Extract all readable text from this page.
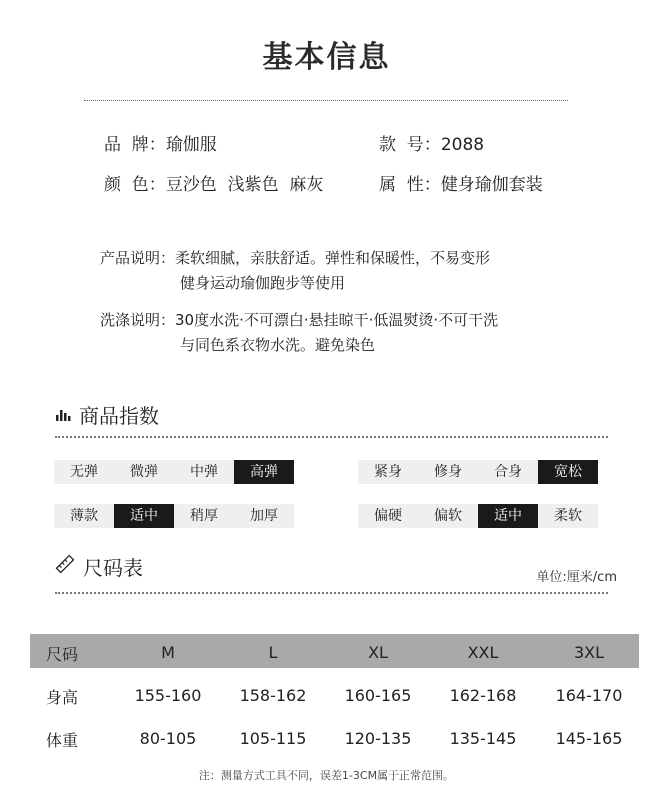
基本信息
品  牌：瑜伽服	款  号：2088
颜  色：豆沙色  浅紫色  麻灰	属  性：健身瑜伽套装
产品说明：柔软细腻，亲肤舒适。弹性和保暖性，不易变形
健身运动瑜伽跑步等使用
洗涤说明：30度水洗·不可漂白·悬挂晾干·低温熨烫·不可干洗
与同色系衣物水洗。避免染色
商品指数
无弹	微弹	中弹	高弹	紧身	修身	合身	宽松
薄款	适中	稍厚	加厚	偏硬	偏软	适中	柔软
尺码表	单位:厘米/cm
尺码	M	L	XL	XXL	3XL
身高	155-160	158-162	160-165	162-168	164-170
体重	80-105	105-115	120-135	135-145	145-165
注：测量方式工具不同，误差1-3CM属于正常范围。
